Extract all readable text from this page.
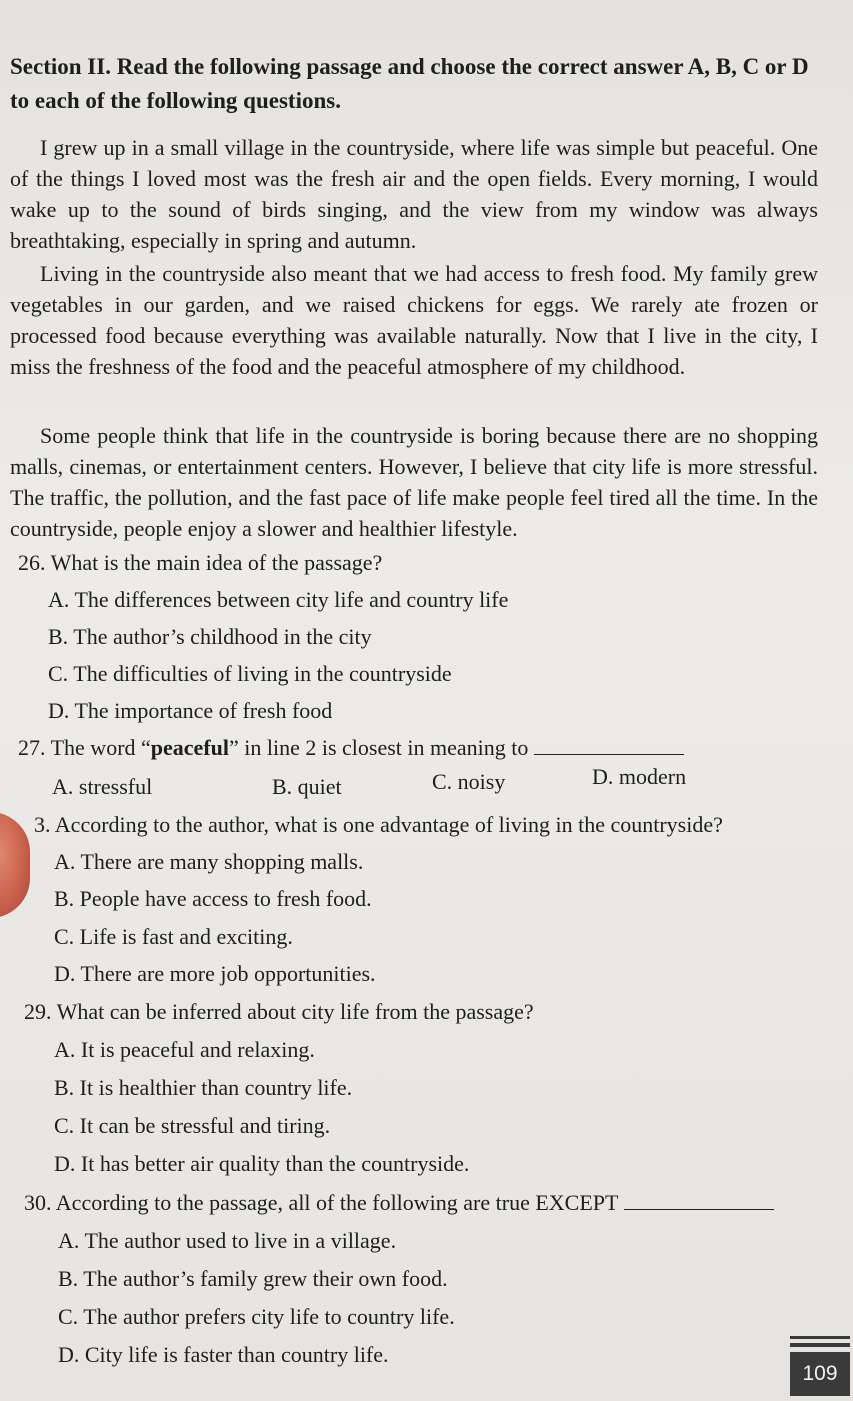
Section II. Read the following passage and choose the correct answer A, B, C or D to each of the following questions.
I grew up in a small village in the countryside, where life was simple but peaceful. One of the things I loved most was the fresh air and the open fields. Every morning, I would wake up to the sound of birds singing, and the view from my window was always breathtaking, especially in spring and autumn.
Living in the countryside also meant that we had access to fresh food. My family grew vegetables in our garden, and we raised chickens for eggs. We rarely ate frozen or processed food because everything was available naturally. Now that I live in the city, I miss the freshness of the food and the peaceful atmosphere of my childhood.
Some people think that life in the countryside is boring because there are no shopping malls, cinemas, or entertainment centers. However, I believe that city life is more stressful. The traffic, the pollution, and the fast pace of life make people feel tired all the time. In the countryside, people enjoy a slower and healthier lifestyle.
26. What is the main idea of the passage?
A. The differences between city life and country life
B. The author’s childhood in the city
C. The difficulties of living in the countryside
D. The importance of fresh food
27. The word “peaceful” in line 2 is closest in meaning to
A. stressful	B. quiet	C. noisy	D. modern
3. According to the author, what is one advantage of living in the countryside?
A. There are many shopping malls.
B. People have access to fresh food.
C. Life is fast and exciting.
D. There are more job opportunities.
29. What can be inferred about city life from the passage?
A. It is peaceful and relaxing.
B. It is healthier than country life.
C. It can be stressful and tiring.
D. It has better air quality than the countryside.
30. According to the passage, all of the following are true EXCEPT
A. The author used to live in a village.
B. The author’s family grew their own food.
C. The author prefers city life to country life.
D. City life is faster than country life.
109
